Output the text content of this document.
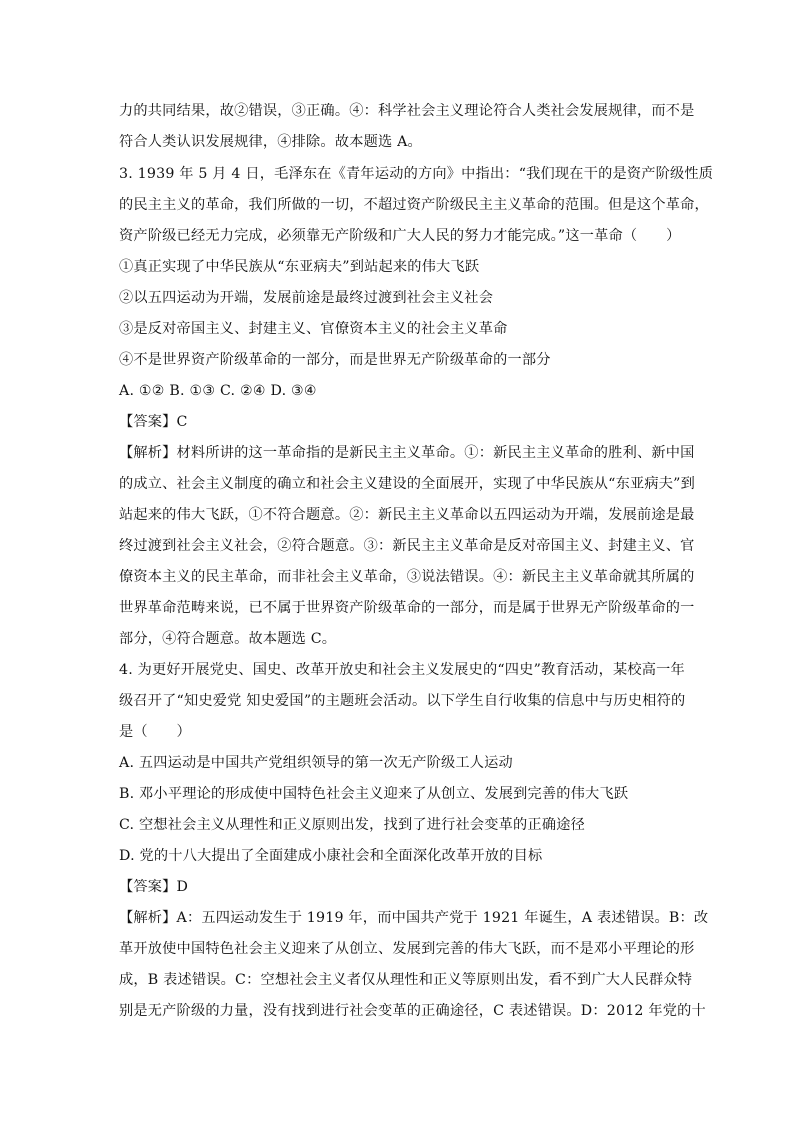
力的共同结果，故②错误，③正确。④：科学社会主义理论符合人类社会发展规律，而不是
符合人类认识发展规律，④排除。故本题选 A。
3. 1939 年 5 月 4 日，毛泽东在《青年运动的方向》中指出：“我们现在干的是资产阶级性质
的民主主义的革命，我们所做的一切，不超过资产阶级民主主义革命的范围。但是这个革命，
资产阶级已经无力完成，必须靠无产阶级和广大人民的努力才能完成。”这一革命（　　）
①真正实现了中华民族从“东亚病夫”到站起来的伟大飞跃
②以五四运动为开端，发展前途是最终过渡到社会主义社会
③是反对帝国主义、封建主义、官僚资本主义的社会主义革命
④不是世界资产阶级革命的一部分，而是世界无产阶级革命的一部分
A. ①② B. ①③ C. ②④ D. ③④
【答案】C
【解析】材料所讲的这一革命指的是新民主主义革命。①：新民主主义革命的胜利、新中国
的成立、社会主义制度的确立和社会主义建设的全面展开，实现了中华民族从“东亚病夫”到
站起来的伟大飞跃，①不符合题意。②：新民主主义革命以五四运动为开端，发展前途是最
终过渡到社会主义社会，②符合题意。③：新民主主义革命是反对帝国主义、封建主义、官
僚资本主义的民主革命，而非社会主义革命，③说法错误。④：新民主主义革命就其所属的
世界革命范畴来说，已不属于世界资产阶级革命的一部分，而是属于世界无产阶级革命的一
部分，④符合题意。故本题选 C。
4. 为更好开展党史、国史、改革开放史和社会主义发展史的“四史”教育活动，某校高一年
级召开了“知史爱党 知史爱国”的主题班会活动。以下学生自行收集的信息中与历史相符的
是（　　）
A. 五四运动是中国共产党组织领导的第一次无产阶级工人运动
B. 邓小平理论的形成使中国特色社会主义迎来了从创立、发展到完善的伟大飞跃
C. 空想社会主义从理性和正义原则出发，找到了进行社会变革的正确途径
D. 党的十八大提出了全面建成小康社会和全面深化改革开放的目标
【答案】D
【解析】A：五四运动发生于 1919 年，而中国共产党于 1921 年诞生，A 表述错误。B：改
革开放使中国特色社会主义迎来了从创立、发展到完善的伟大飞跃，而不是邓小平理论的形
成，B 表述错误。C：空想社会主义者仅从理性和正义等原则出发，看不到广大人民群众特
别是无产阶级的力量，没有找到进行社会变革的正确途径，C 表述错误。D：2012 年党的十
